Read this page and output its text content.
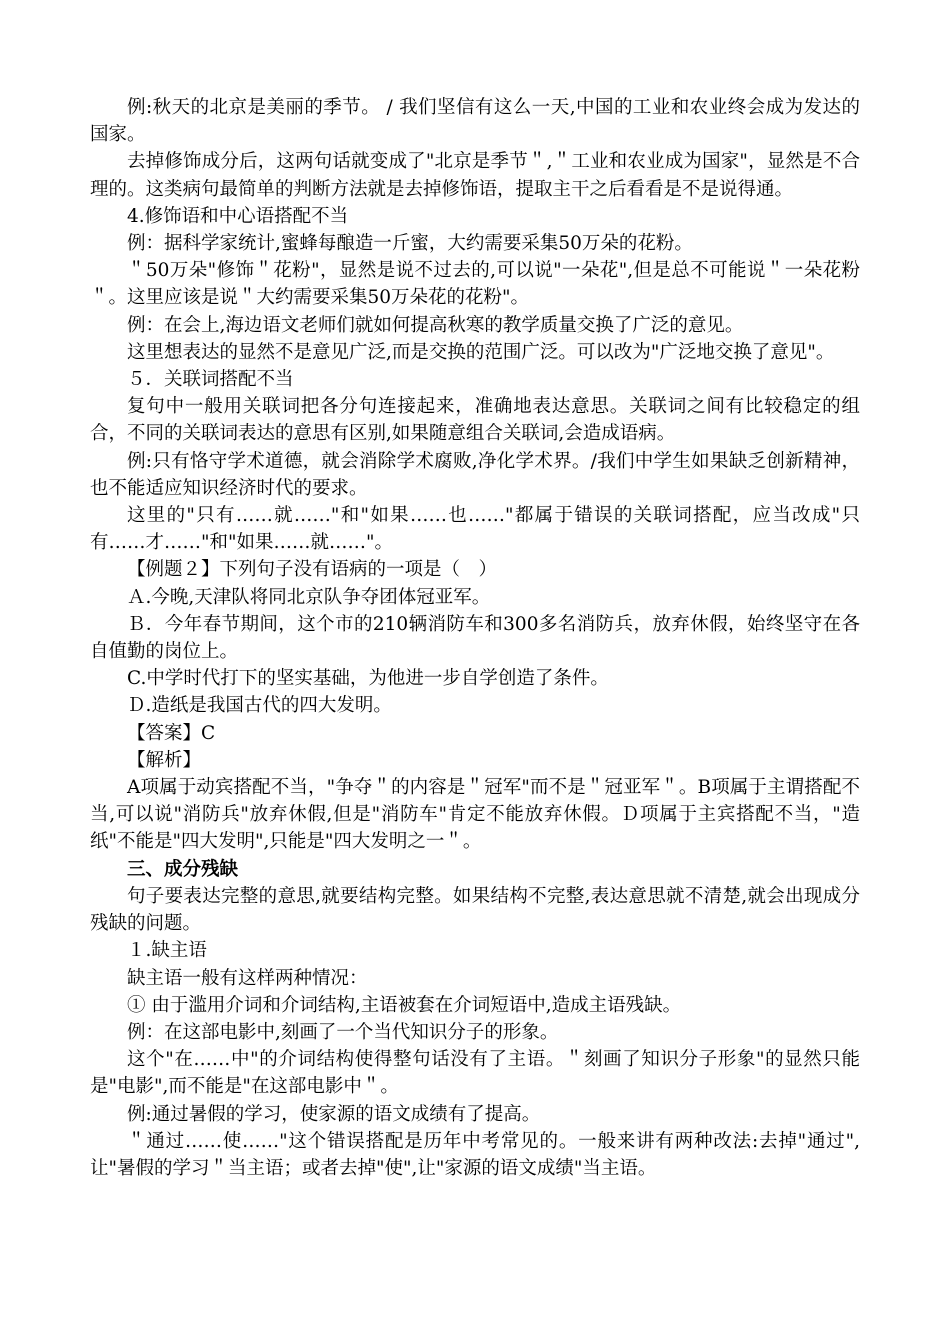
例:秋天的北京是美丽的季节。 / 我们坚信有这么一天,中国的工业和农业终会成为发达的国家。

去掉修饰成分后，这两句话就变成了"北京是季节＂,＂工业和农业成为国家"，显然是不合理的。这类病句最简单的判断方法就是去掉修饰语，提取主干之后看看是不是说得通。

4.修饰语和中心语搭配不当

例：据科学家统计,蜜蜂每酿造一斤蜜，大约需要采集50万朵的花粉。

＂50万朵"修饰＂花粉"，显然是说不过去的,可以说"一朵花",但是总不可能说＂一朵花粉＂。这里应该是说＂大约需要采集50万朵花的花粉"。

例：在会上,海边语文老师们就如何提高秋寒的教学质量交换了广泛的意见。

这里想表达的显然不是意见广泛,而是交换的范围广泛。可以改为"广泛地交换了意见"。

５．关联词搭配不当

复句中一般用关联词把各分句连接起来，准确地表达意思。关联词之间有比较稳定的组合，不同的关联词表达的意思有区别,如果随意组合关联词,会造成语病。

例:只有恪守学术道德，就会消除学术腐败,净化学术界。/我们中学生如果缺乏创新精神，也不能适应知识经济时代的要求。

这里的"只有……就……"和"如果……也……"都属于错误的关联词搭配，应当改成"只有……才……"和"如果……就……"。

【例题２】下列句子没有语病的一项是（　）

Ａ.今晚,天津队将同北京队争夺团体冠亚军。

Ｂ．今年春节期间，这个市的210辆消防车和300多名消防兵，放弃休假，始终坚守在各自值勤的岗位上。

C.中学时代打下的坚实基础，为他进一步自学创造了条件。

Ｄ.造纸是我国古代的四大发明。

【答案】C

【解析】

A项属于动宾搭配不当，"争夺＂的内容是＂冠军"而不是＂冠亚军＂。B项属于主谓搭配不当,可以说"消防兵"放弃休假,但是"消防车"肯定不能放弃休假。Ｄ项属于主宾搭配不当，"造纸"不能是"四大发明",只能是"四大发明之一＂。

三、成分残缺

句子要表达完整的意思,就要结构完整。如果结构不完整,表达意思就不清楚,就会出现成分残缺的问题。

１.缺主语

缺主语一般有这样两种情况：

① 由于滥用介词和介词结构,主语被套在介词短语中,造成主语残缺。

例：在这部电影中,刻画了一个当代知识分子的形象。

这个"在……中"的介词结构使得整句话没有了主语。＂刻画了知识分子形象"的显然只能是"电影",而不能是"在这部电影中＂。

例:通过暑假的学习，使家源的语文成绩有了提高。

＂通过……使……"这个错误搭配是历年中考常见的。一般来讲有两种改法:去掉"通过",让"暑假的学习＂当主语；或者去掉"使",让"家源的语文成绩"当主语。
